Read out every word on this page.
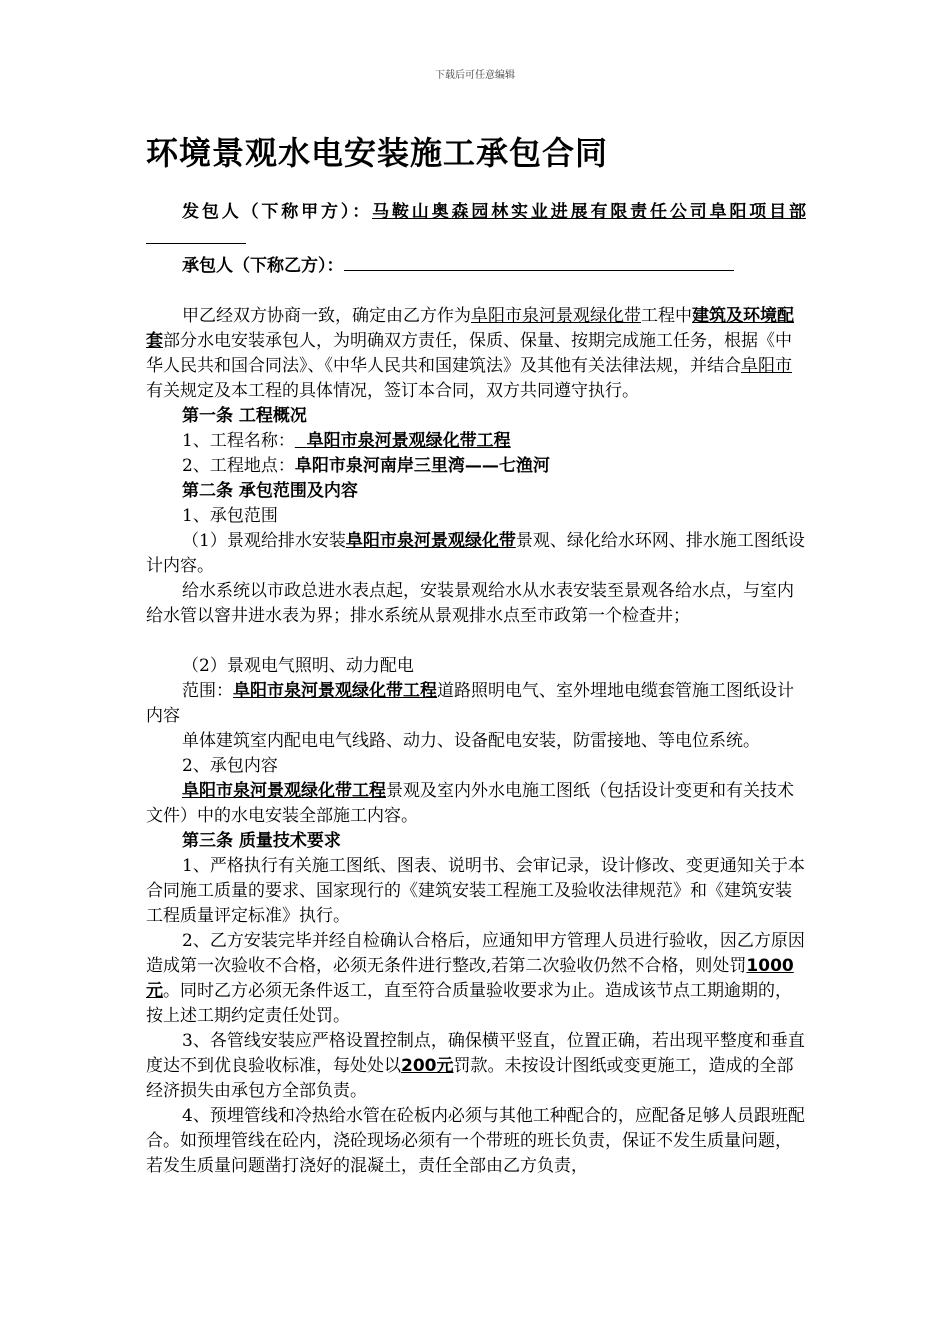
下载后可任意编辑
环境景观水电安装施工承包合同

发包人（下称甲方）：马鞍山奥森园林实业进展有限责任公司阜阳项目部

承包人（下称乙方）：

甲乙经双方协商一致，确定由乙方作为阜阳市泉河景观绿化带工程中建筑及环境配套部分水电安装承包人，为明确双方责任，保质、保量、按期完成施工任务，根据《中华人民共和国合同法》、《中华人民共和国建筑法》及其他有关法律法规，并结合阜阳市有关规定及本工程的具体情况，签订本合同，双方共同遵守执行。

第一条 工程概况

1、工程名称： 阜阳市泉河景观绿化带工程

2、工程地点：阜阳市泉河南岸三里湾——七渔河

第二条 承包范围及内容

1、承包范围

（1）景观给排水安装阜阳市泉河景观绿化带景观、绿化给水环网、排水施工图纸设计内容。

给水系统以市政总进水表点起，安装景观给水从水表安装至景观各给水点，与室内给水管以窨井进水表为界；排水系统从景观排水点至市政第一个检查井；

（2）景观电气照明、动力配电

范围：阜阳市泉河景观绿化带工程道路照明电气、室外埋地电缆套管施工图纸设计内容

单体建筑室内配电电气线路、动力、设备配电安装，防雷接地、等电位系统。

2、承包内容

阜阳市泉河景观绿化带工程景观及室内外水电施工图纸（包括设计变更和有关技术文件）中的水电安装全部施工内容。

第三条 质量技术要求

1、严格执行有关施工图纸、图表、说明书、会审记录，设计修改、变更通知关于本合同施工质量的要求、国家现行的《建筑安装工程施工及验收法律规范》和《建筑安装工程质量评定标准》执行。

2、乙方安装完毕并经自检确认合格后，应通知甲方管理人员进行验收，因乙方原因造成第一次验收不合格，必须无条件进行整改,若第二次验收仍然不合格，则处罚1000元。同时乙方必须无条件返工，直至符合质量验收要求为止。造成该节点工期逾期的，按上述工期约定责任处罚。

3、各管线安装应严格设置控制点，确保横平竖直，位置正确，若出现平整度和垂直度达不到优良验收标准，每处处以200元罚款。未按设计图纸或变更施工，造成的全部经济损失由承包方全部负责。

4、预埋管线和冷热给水管在砼板内必须与其他工种配合的，应配备足够人员跟班配合。如预埋管线在砼内，浇砼现场必须有一个带班的班长负责，保证不发生质量问题，若发生质量问题凿打浇好的混凝土，责任全部由乙方负责，
